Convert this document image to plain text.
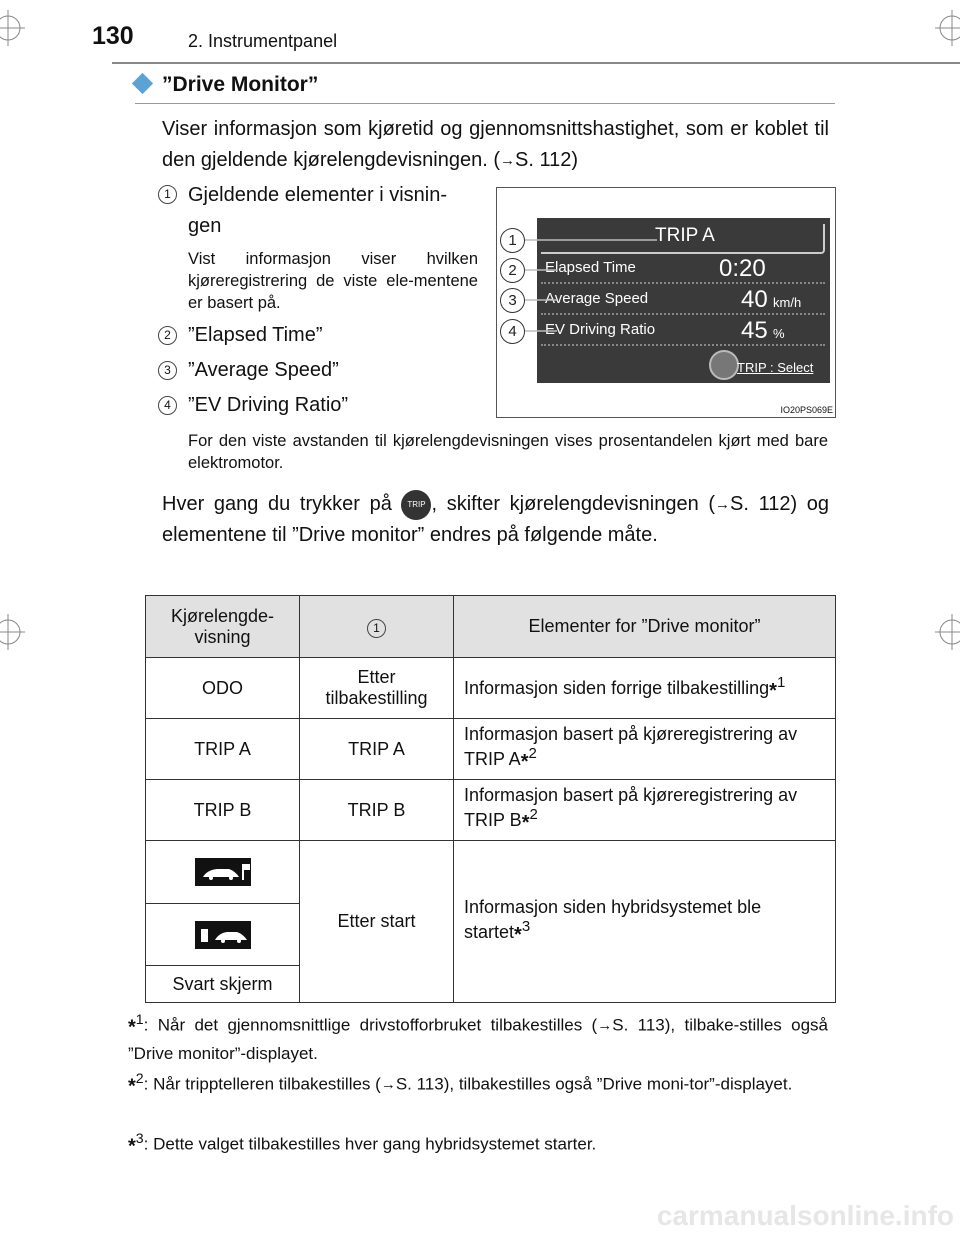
130	2. Instrumentpanel
”Drive Monitor”
Viser informasjon som kjøretid og gjennomsnittshastighet, som er koblet til den gjeldende kjørelengdevisningen. (→S. 112)
1 Gjeldende elementer i visnin-gen
Vist informasjon viser hvilken kjøreregistrering de viste ele-mentene er basert på.
2 ”Elapsed Time”
3 ”Average Speed”
4 ”EV Driving Ratio”
For den viste avstanden til kjørelengdevisningen vises prosentandelen kjørt med bare elektromotor.
TRIP A
Elapsed Time	0:20
Average Speed	40 km/h
EV Driving Ratio	45 %
TRIP : Select
1
2
3
4
IO20PS069E
Hver gang du trykker på TRIP , skifter kjørelengdevisningen (→S. 112) og elementene til ”Drive monitor” endres på følgende måte.
Kjørelengde-visning	1	Elementer for ”Drive monitor”
ODO	Etter tilbakestilling	Informasjon siden forrige tilbakestilling*$^1$
TRIP A	TRIP A	Informasjon basert på kjøreregistrering av TRIP A*$^2$
TRIP B	TRIP B	Informasjon basert på kjøreregistrering av TRIP B*$^2$
	Etter start	Informasjon siden hybridsystemet ble startet*$^3$

Svart skjerm		
*$^1$: Når det gjennomsnittlige drivstofforbruket tilbakestilles (→S. 113), tilbake-stilles også ”Drive monitor”-displayet.
*$^2$: Når tripptelleren tilbakestilles (→S. 113), tilbakestilles også ”Drive moni-tor”-displayet.
*$^3$: Dette valget tilbakestilles hver gang hybridsystemet starter.
carmanualsonline.info
